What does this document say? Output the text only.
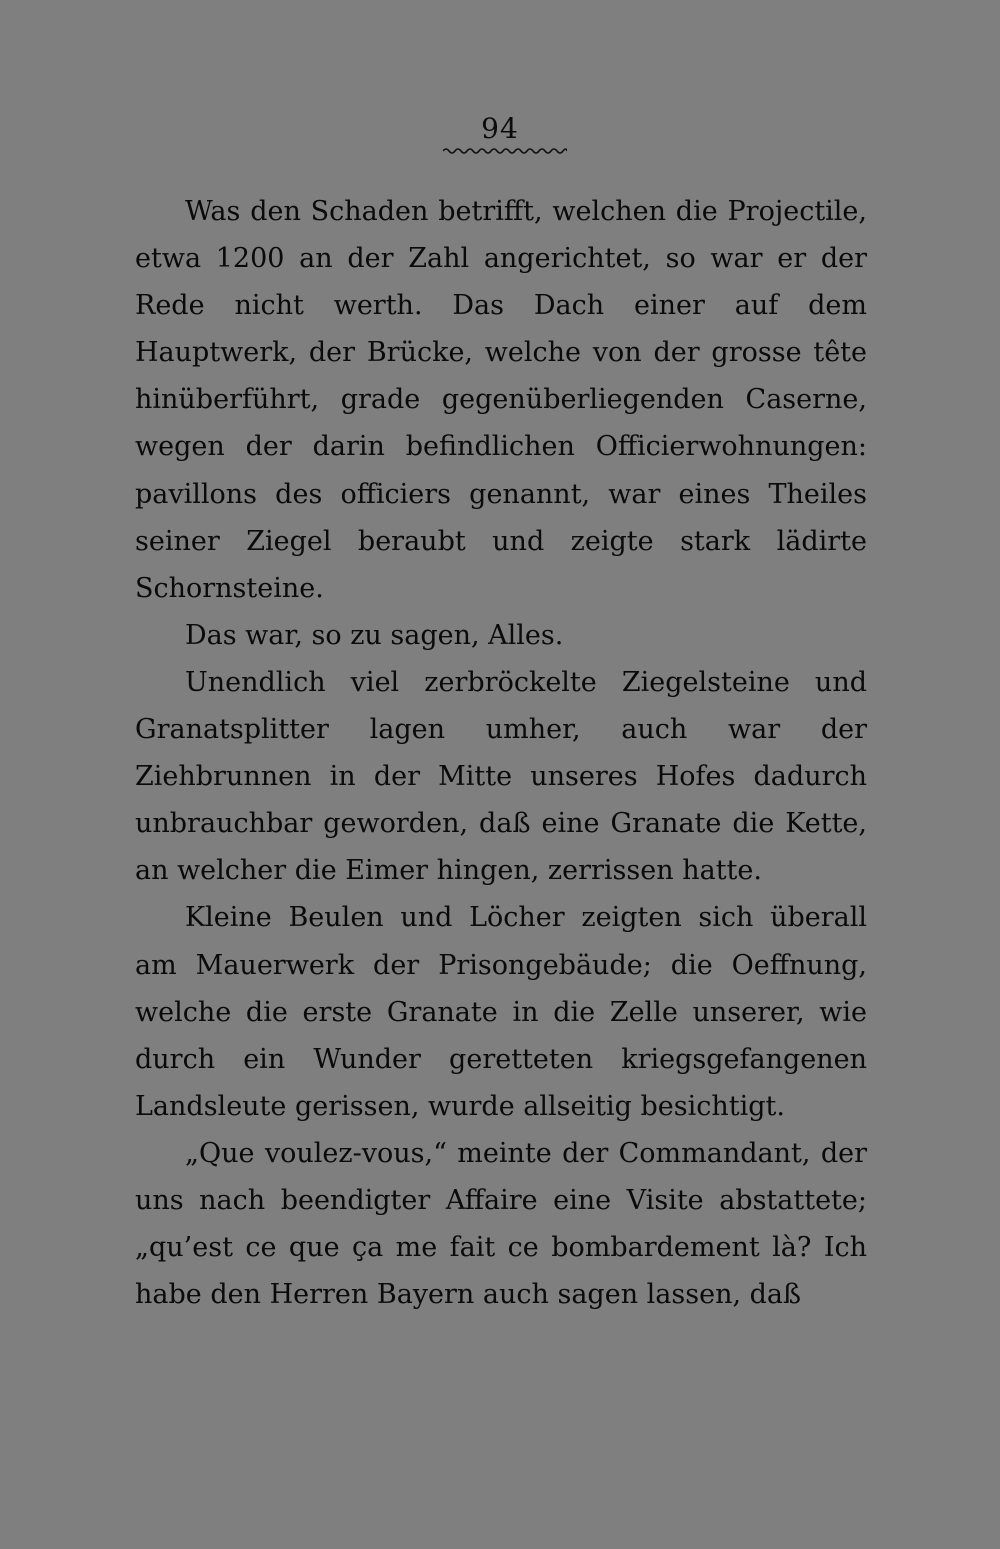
94

Was den Schaden betrifft, welchen die Projectile, etwa 1200 an der Zahl angerichtet, so war er der Rede nicht werth. Das Dach einer auf dem Hauptwerk, der Brücke, welche von der grosse tête hinüberführt, grade gegenüberliegenden Caserne, wegen der darin befindlichen Officierwohnungen: pavillons des officiers genannt, war eines Theiles seiner Ziegel beraubt und zeigte stark lädirte Schornsteine.

Das war, so zu sagen, Alles.

Unendlich viel zerbröckelte Ziegelsteine und Granatsplitter lagen umher, auch war der Ziehbrunnen in der Mitte unseres Hofes dadurch unbrauchbar geworden, daß eine Granate die Kette, an welcher die Eimer hingen, zerrissen hatte.

Kleine Beulen und Löcher zeigten sich überall am Mauerwerk der Prisongebäude; die Oeffnung, welche die erste Granate in die Zelle unserer, wie durch ein Wunder geretteten kriegsgefangenen Landsleute gerissen, wurde allseitig besichtigt.

„Que voulez-vous,“ meinte der Commandant, der uns nach beendigter Affaire eine Visite abstattete; „qu’est ce que ça me fait ce bombardement là? Ich habe den Herren Bayern auch sagen lassen, daß
